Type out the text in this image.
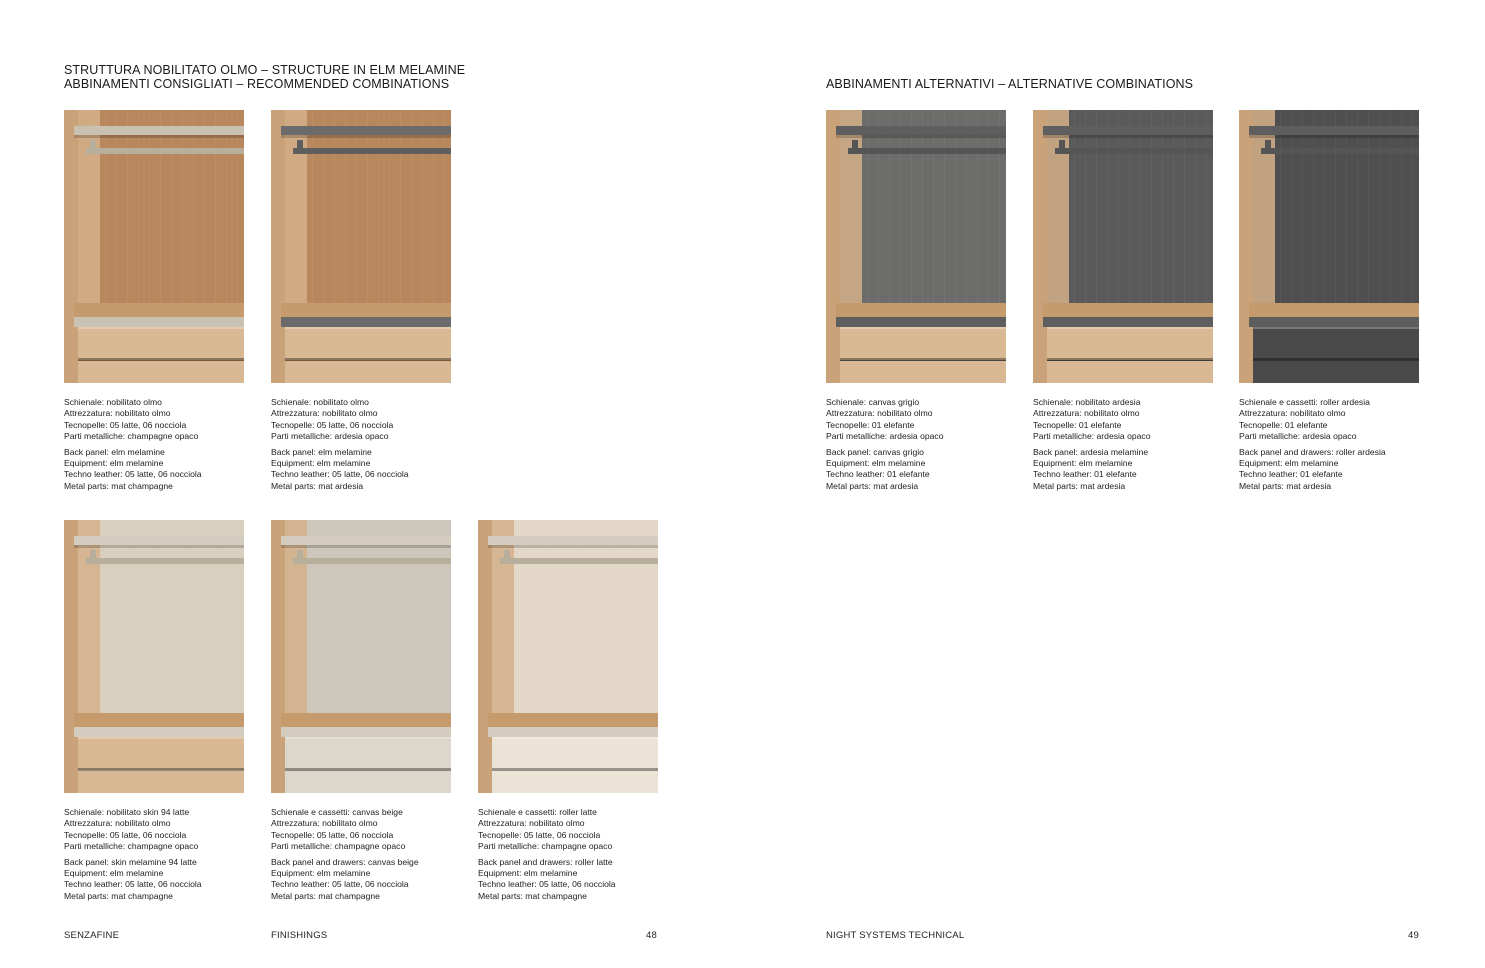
STRUTTURA NOBILITATO OLMO – STRUCTURE IN ELM MELAMINE
ABBINAMENTI CONSIGLIATI – RECOMMENDED COMBINATIONS	ABBINAMENTI ALTERNATIVI – ALTERNATIVE COMBINATIONS
Schienale: nobilitato olmo
Attrezzatura: nobilitato olmo
Tecnopelle: 05 latte, 06 nocciola
Parti metalliche: champagne opaco
Back panel: elm melamine
Equipment: elm melamine
Techno leather: 05 latte, 06 nocciola
Metal parts: mat champagne
Schienale: nobilitato olmo
Attrezzatura: nobilitato olmo
Tecnopelle: 05 latte, 06 nocciola
Parti metalliche: ardesia opaco
Back panel: elm melamine
Equipment: elm melamine
Techno leather: 05 latte, 06 nocciola
Metal parts: mat ardesia
Schienale: nobilitato skin 94 latte
Attrezzatura: nobilitato olmo
Tecnopelle: 05 latte, 06 nocciola
Parti metalliche: champagne opaco
Back panel: skin melamine 94 latte
Equipment: elm melamine
Techno leather: 05 latte, 06 nocciola
Metal parts: mat champagne
Schienale e cassetti: canvas beige
Attrezzatura: nobilitato olmo
Tecnopelle: 05 latte, 06 nocciola
Parti metalliche: champagne opaco
Back panel and drawers: canvas beige
Equipment: elm melamine
Techno leather: 05 latte, 06 nocciola
Metal parts: mat champagne
Schienale e cassetti: roller latte
Attrezzatura: nobilitato olmo
Tecnopelle: 05 latte, 06 nocciola
Parti metalliche: champagne opaco
Back panel and drawers: roller latte
Equipment: elm melamine
Techno leather: 05 latte, 06 nocciola
Metal parts: mat champagne
Schienale: canvas grigio
Attrezzatura: nobilitato olmo
Tecnopelle: 01 elefante
Parti metalliche: ardesia opaco
Back panel: canvas grigio
Equipment: elm melamine
Techno leather: 01 elefante
Metal parts: mat ardesia
Schienale: nobilitato ardesia
Attrezzatura: nobilitato olmo
Tecnopelle: 01 elefante
Parti metalliche: ardesia opaco
Back panel: ardesia melamine
Equipment: elm melamine
Techno leather: 01 elefante
Metal parts: mat ardesia
Schienale e cassetti: roller ardesia
Attrezzatura: nobilitato olmo
Tecnopelle: 01 elefante
Parti metalliche: ardesia opaco
Back panel and drawers: roller ardesia
Equipment: elm melamine
Techno leather: 01 elefante
Metal parts: mat ardesia
SENZAFINE	FINISHINGS	48	NIGHT SYSTEMS TECHNICAL	49
